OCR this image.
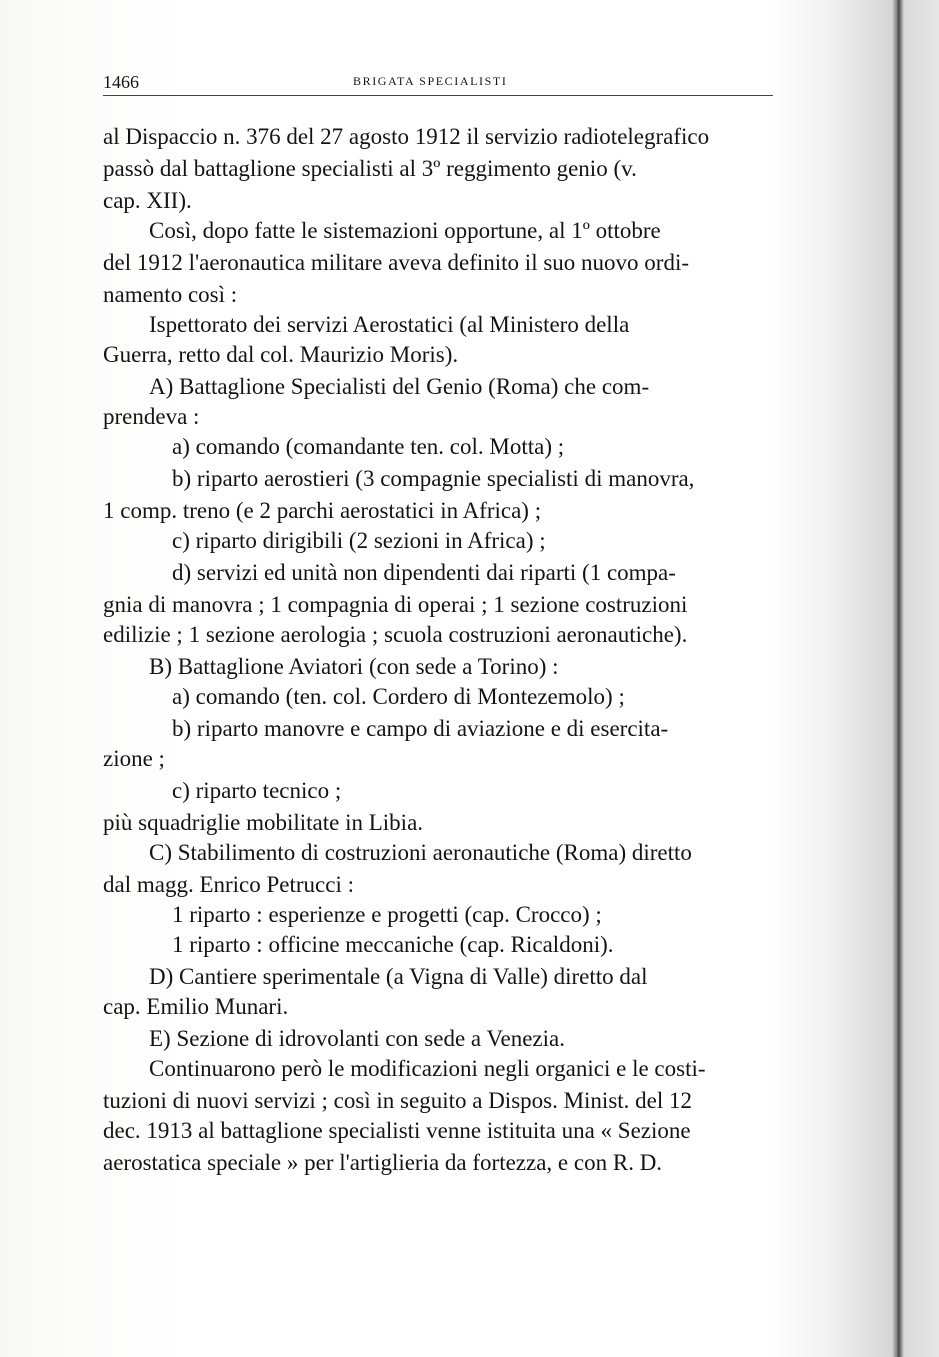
1466	BRIGATA SPECIALISTI
al Dispaccio n. 376 del 27 agosto 1912 il servizio radiotelegrafico
passò dal battaglione specialisti al 3º reggimento genio (v.
cap. XII).
Così, dopo fatte le sistemazioni opportune, al 1º ottobre
del 1912 l'aeronautica militare aveva definito il suo nuovo ordi-
namento così :
Ispettorato dei servizi Aerostatici (al Ministero della
Guerra, retto dal col. Maurizio Moris).
A) Battaglione Specialisti del Genio (Roma) che com-
prendeva :
a) comando (comandante ten. col. Motta) ;
b) riparto aerostieri (3 compagnie specialisti di manovra,
1 comp. treno (e 2 parchi aerostatici in Africa) ;
c) riparto dirigibili (2 sezioni in Africa) ;
d) servizi ed unità non dipendenti dai riparti (1 compa-
gnia di manovra ; 1 compagnia di operai ; 1 sezione costruzioni
edilizie ; 1 sezione aerologia ; scuola costruzioni aeronautiche).
B) Battaglione Aviatori (con sede a Torino) :
a) comando (ten. col. Cordero di Montezemolo) ;
b) riparto manovre e campo di aviazione e di esercita-
zione ;
c) riparto tecnico ;
più squadriglie mobilitate in Libia.
C) Stabilimento di costruzioni aeronautiche (Roma) diretto
dal magg. Enrico Petrucci :
1 riparto : esperienze e progetti (cap. Crocco) ;
1 riparto : officine meccaniche (cap. Ricaldoni).
D) Cantiere sperimentale (a Vigna di Valle) diretto dal
cap. Emilio Munari.
E) Sezione di idrovolanti con sede a Venezia.
Continuarono però le modificazioni negli organici e le costi-
tuzioni di nuovi servizi ; così in seguito a Dispos. Minist. del 12
dec. 1913 al battaglione specialisti venne istituita una « Sezione
aerostatica speciale » per l'artiglieria da fortezza, e con R. D.
